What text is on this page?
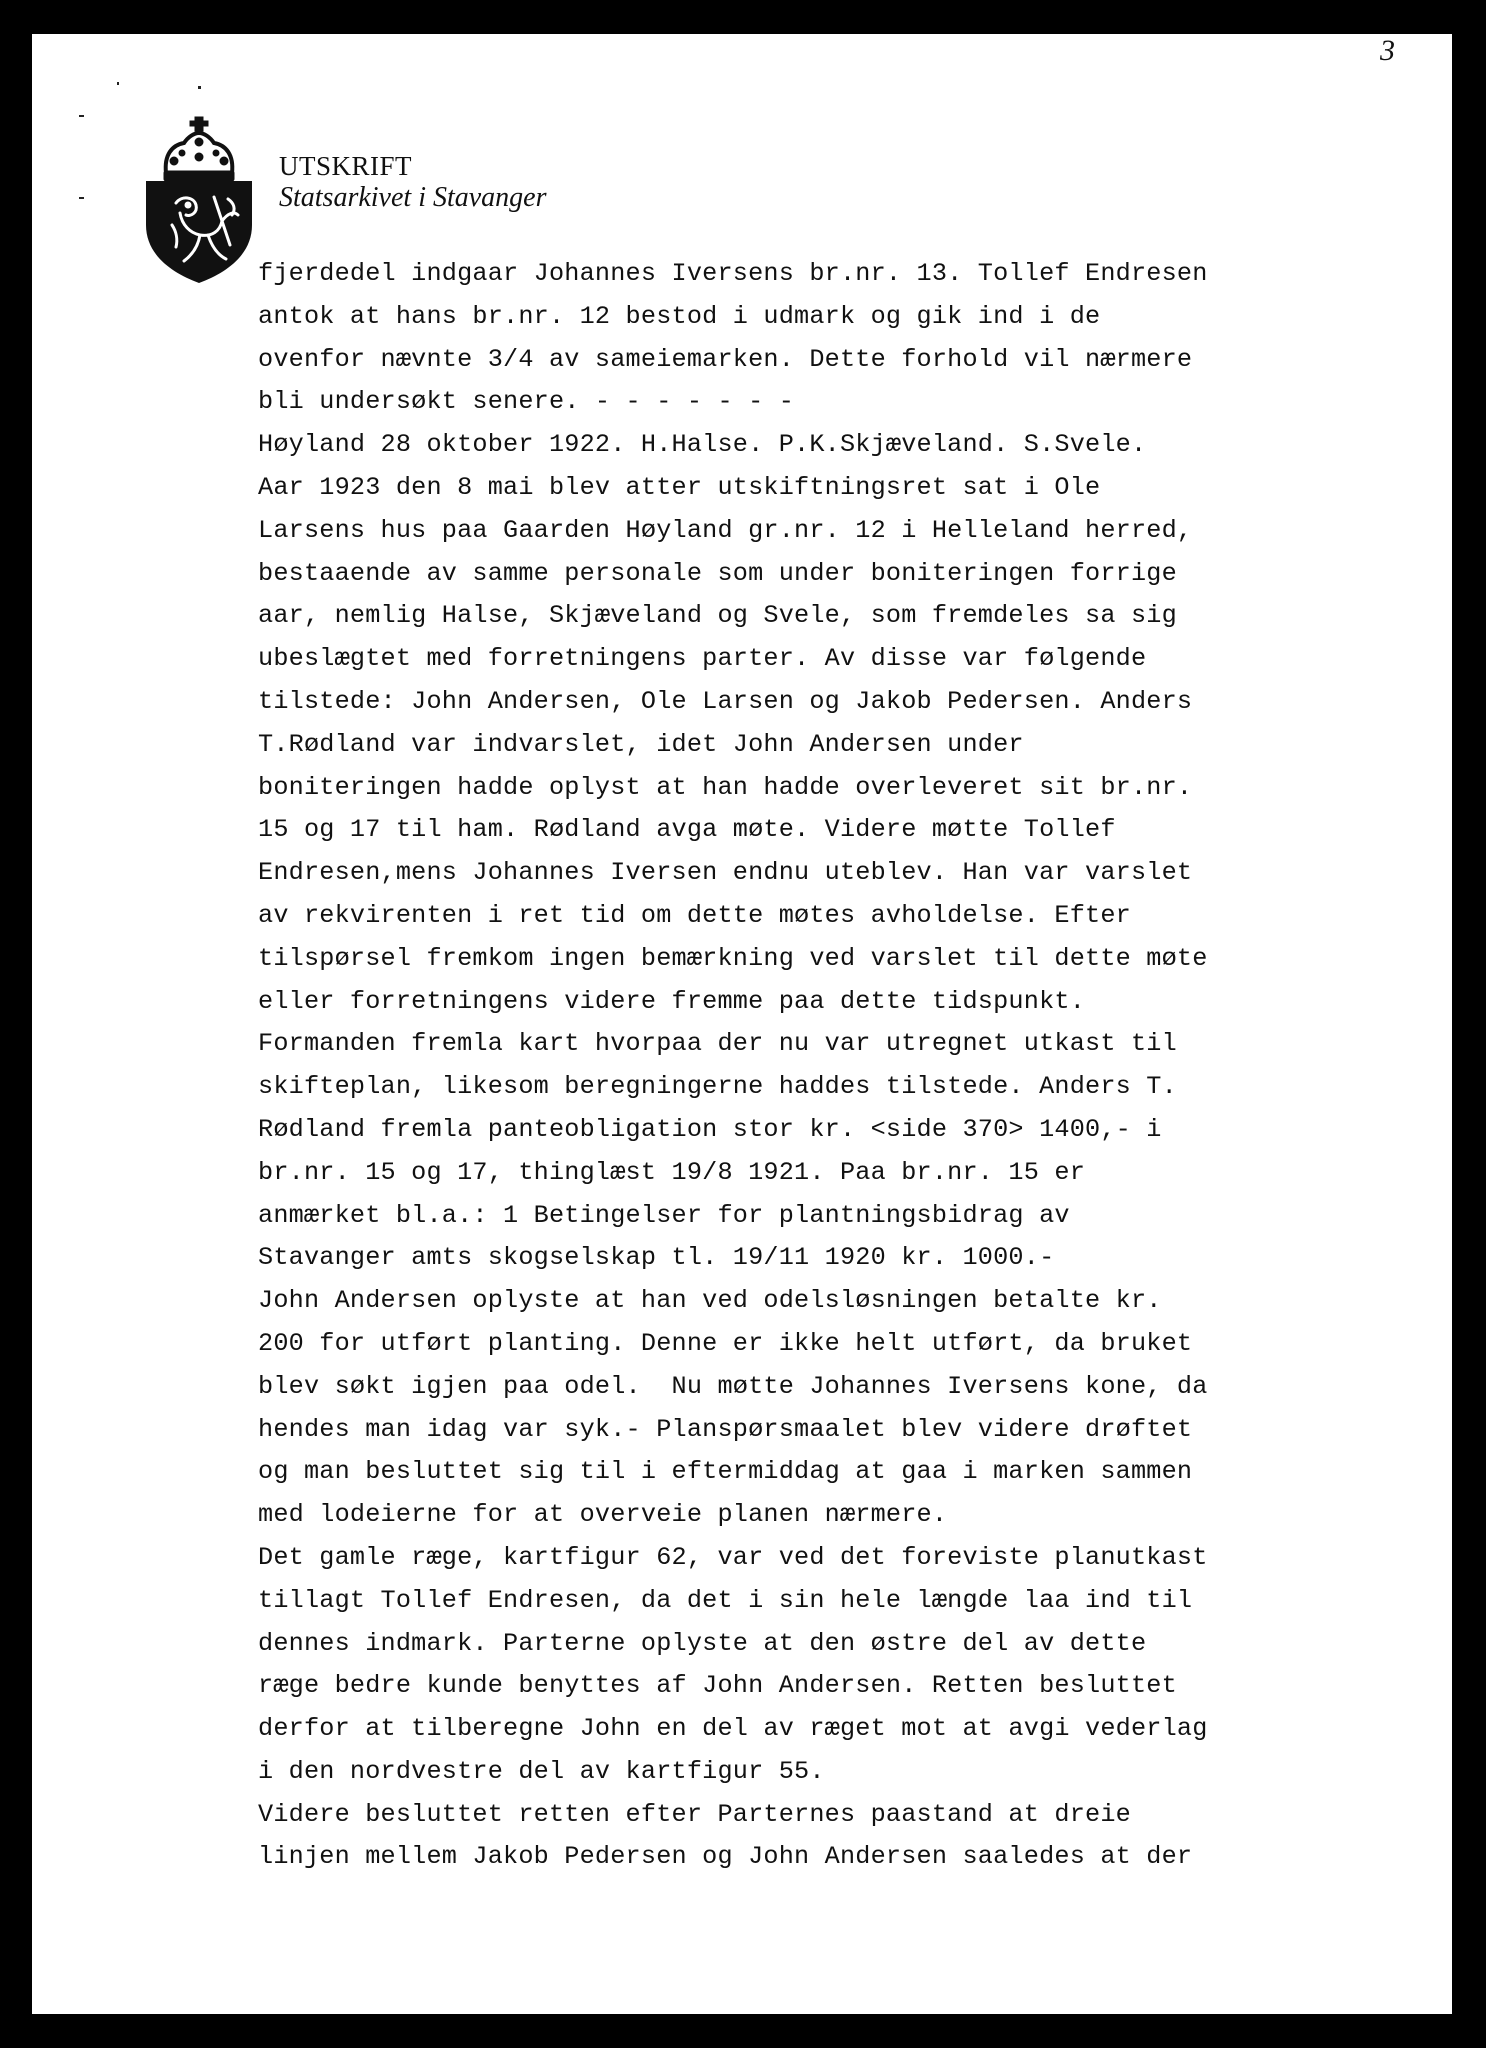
3
UTSKRIFT
Statsarkivet i Stavanger
fjerdedel indgaar Johannes Iversens br.nr. 13. Tollef Endresen
antok at hans br.nr. 12 bestod i udmark og gik ind i de
ovenfor nævnte 3/4 av sameiemarken. Dette forhold vil nærmere
bli undersøkt senere. - - - - - - -
Høyland 28 oktober 1922. H.Halse. P.K.Skjæveland. S.Svele.
Aar 1923 den 8 mai blev atter utskiftningsret sat i Ole
Larsens hus paa Gaarden Høyland gr.nr. 12 i Helleland herred,
bestaaende av samme personale som under boniteringen forrige
aar, nemlig Halse, Skjæveland og Svele, som fremdeles sa sig
ubeslægtet med forretningens parter. Av disse var følgende
tilstede: John Andersen, Ole Larsen og Jakob Pedersen. Anders
T.Rødland var indvarslet, idet John Andersen under
boniteringen hadde oplyst at han hadde overleveret sit br.nr.
15 og 17 til ham. Rødland avga møte. Videre møtte Tollef
Endresen,mens Johannes Iversen endnu uteblev. Han var varslet
av rekvirenten i ret tid om dette møtes avholdelse. Efter
tilspørsel fremkom ingen bemærkning ved varslet til dette møte
eller forretningens videre fremme paa dette tidspunkt.
Formanden fremla kart hvorpaa der nu var utregnet utkast til
skifteplan, likesom beregningerne haddes tilstede. Anders T.
Rødland fremla panteobligation stor kr. <side 370> 1400,- i
br.nr. 15 og 17, thinglæst 19/8 1921. Paa br.nr. 15 er
anmærket bl.a.: 1 Betingelser for plantningsbidrag av
Stavanger amts skogselskap tl. 19/11 1920 kr. 1000.-
John Andersen oplyste at han ved odelsløsningen betalte kr.
200 for utført planting. Denne er ikke helt utført, da bruket
blev søkt igjen paa odel.  Nu møtte Johannes Iversens kone, da
hendes man idag var syk.- Planspørsmaalet blev videre drøftet
og man besluttet sig til i eftermiddag at gaa i marken sammen
med lodeierne for at overveie planen nærmere.
Det gamle ræge, kartfigur 62, var ved det foreviste planutkast
tillagt Tollef Endresen, da det i sin hele længde laa ind til
dennes indmark. Parterne oplyste at den østre del av dette
ræge bedre kunde benyttes af John Andersen. Retten besluttet
derfor at tilberegne John en del av ræget mot at avgi vederlag
i den nordvestre del av kartfigur 55.
Videre besluttet retten efter Parternes paastand at dreie
linjen mellem Jakob Pedersen og John Andersen saaledes at der
